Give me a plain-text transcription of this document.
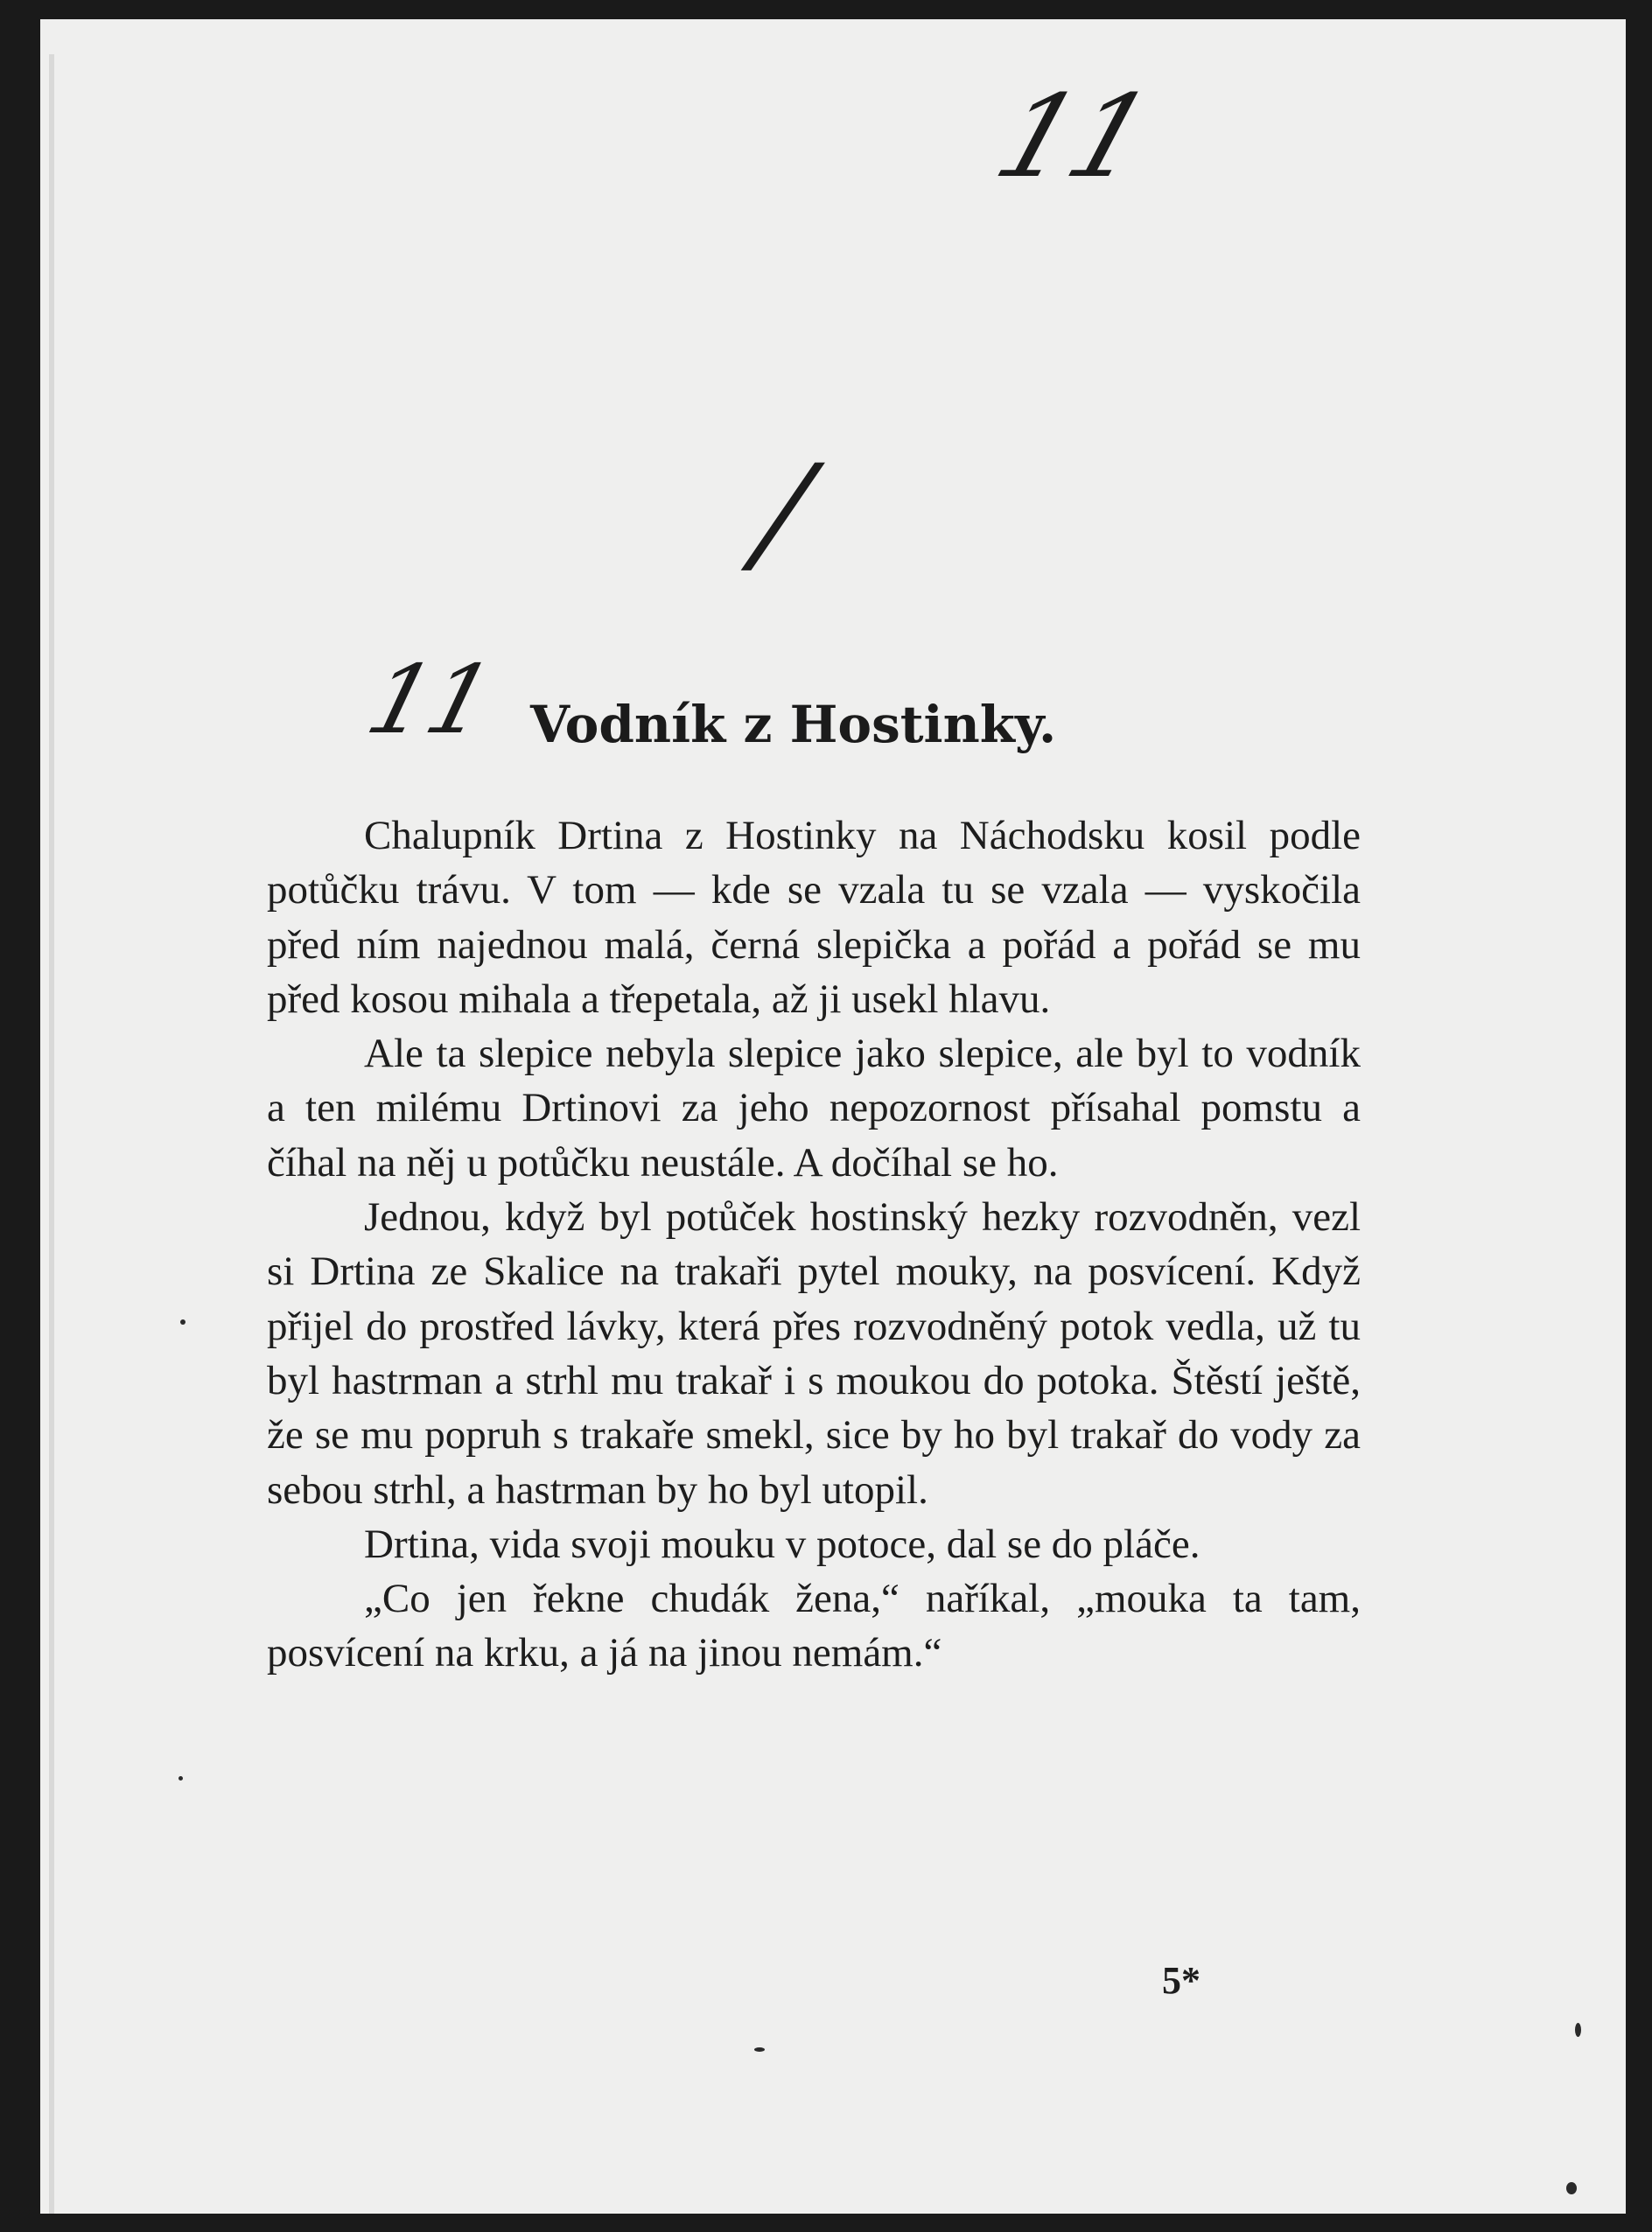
11
/
11 Vodník z Hostinky.

Chalupník Drtina z Hostinky na Náchodsku kosil podle potůčku trávu. V tom — kde se vzala tu se vzala — vyskočila před ním najednou malá, černá slepička a pořád a pořád se mu před kosou mihala a třepetala, až ji usekl hlavu.

Ale ta slepice nebyla slepice jako slepice, ale byl to vodník a ten milému Drtinovi za jeho nepozornost přísahal pomstu a číhal na něj u potůčku neustále. A dočíhal se ho.

Jednou, když byl potůček hostinský hezky rozvodněn, vezl si Drtina ze Skalice na trakaři pytel mouky, na posvícení. Když přijel do prostřed lávky, která přes rozvodněný potok vedla, už tu byl hastrman a strhl mu trakař i s moukou do potoka. Štěstí ještě, že se mu popruh s trakaře smekl, sice by ho byl trakař do vody za sebou strhl, a hastrman by ho byl utopil.

Drtina, vida svoji mouku v potoce, dal se do pláče.

„Co jen řekne chudák žena,“ naříkal, „mouka ta tam, posvícení na krku, a já na jinou nemám.“

5*
